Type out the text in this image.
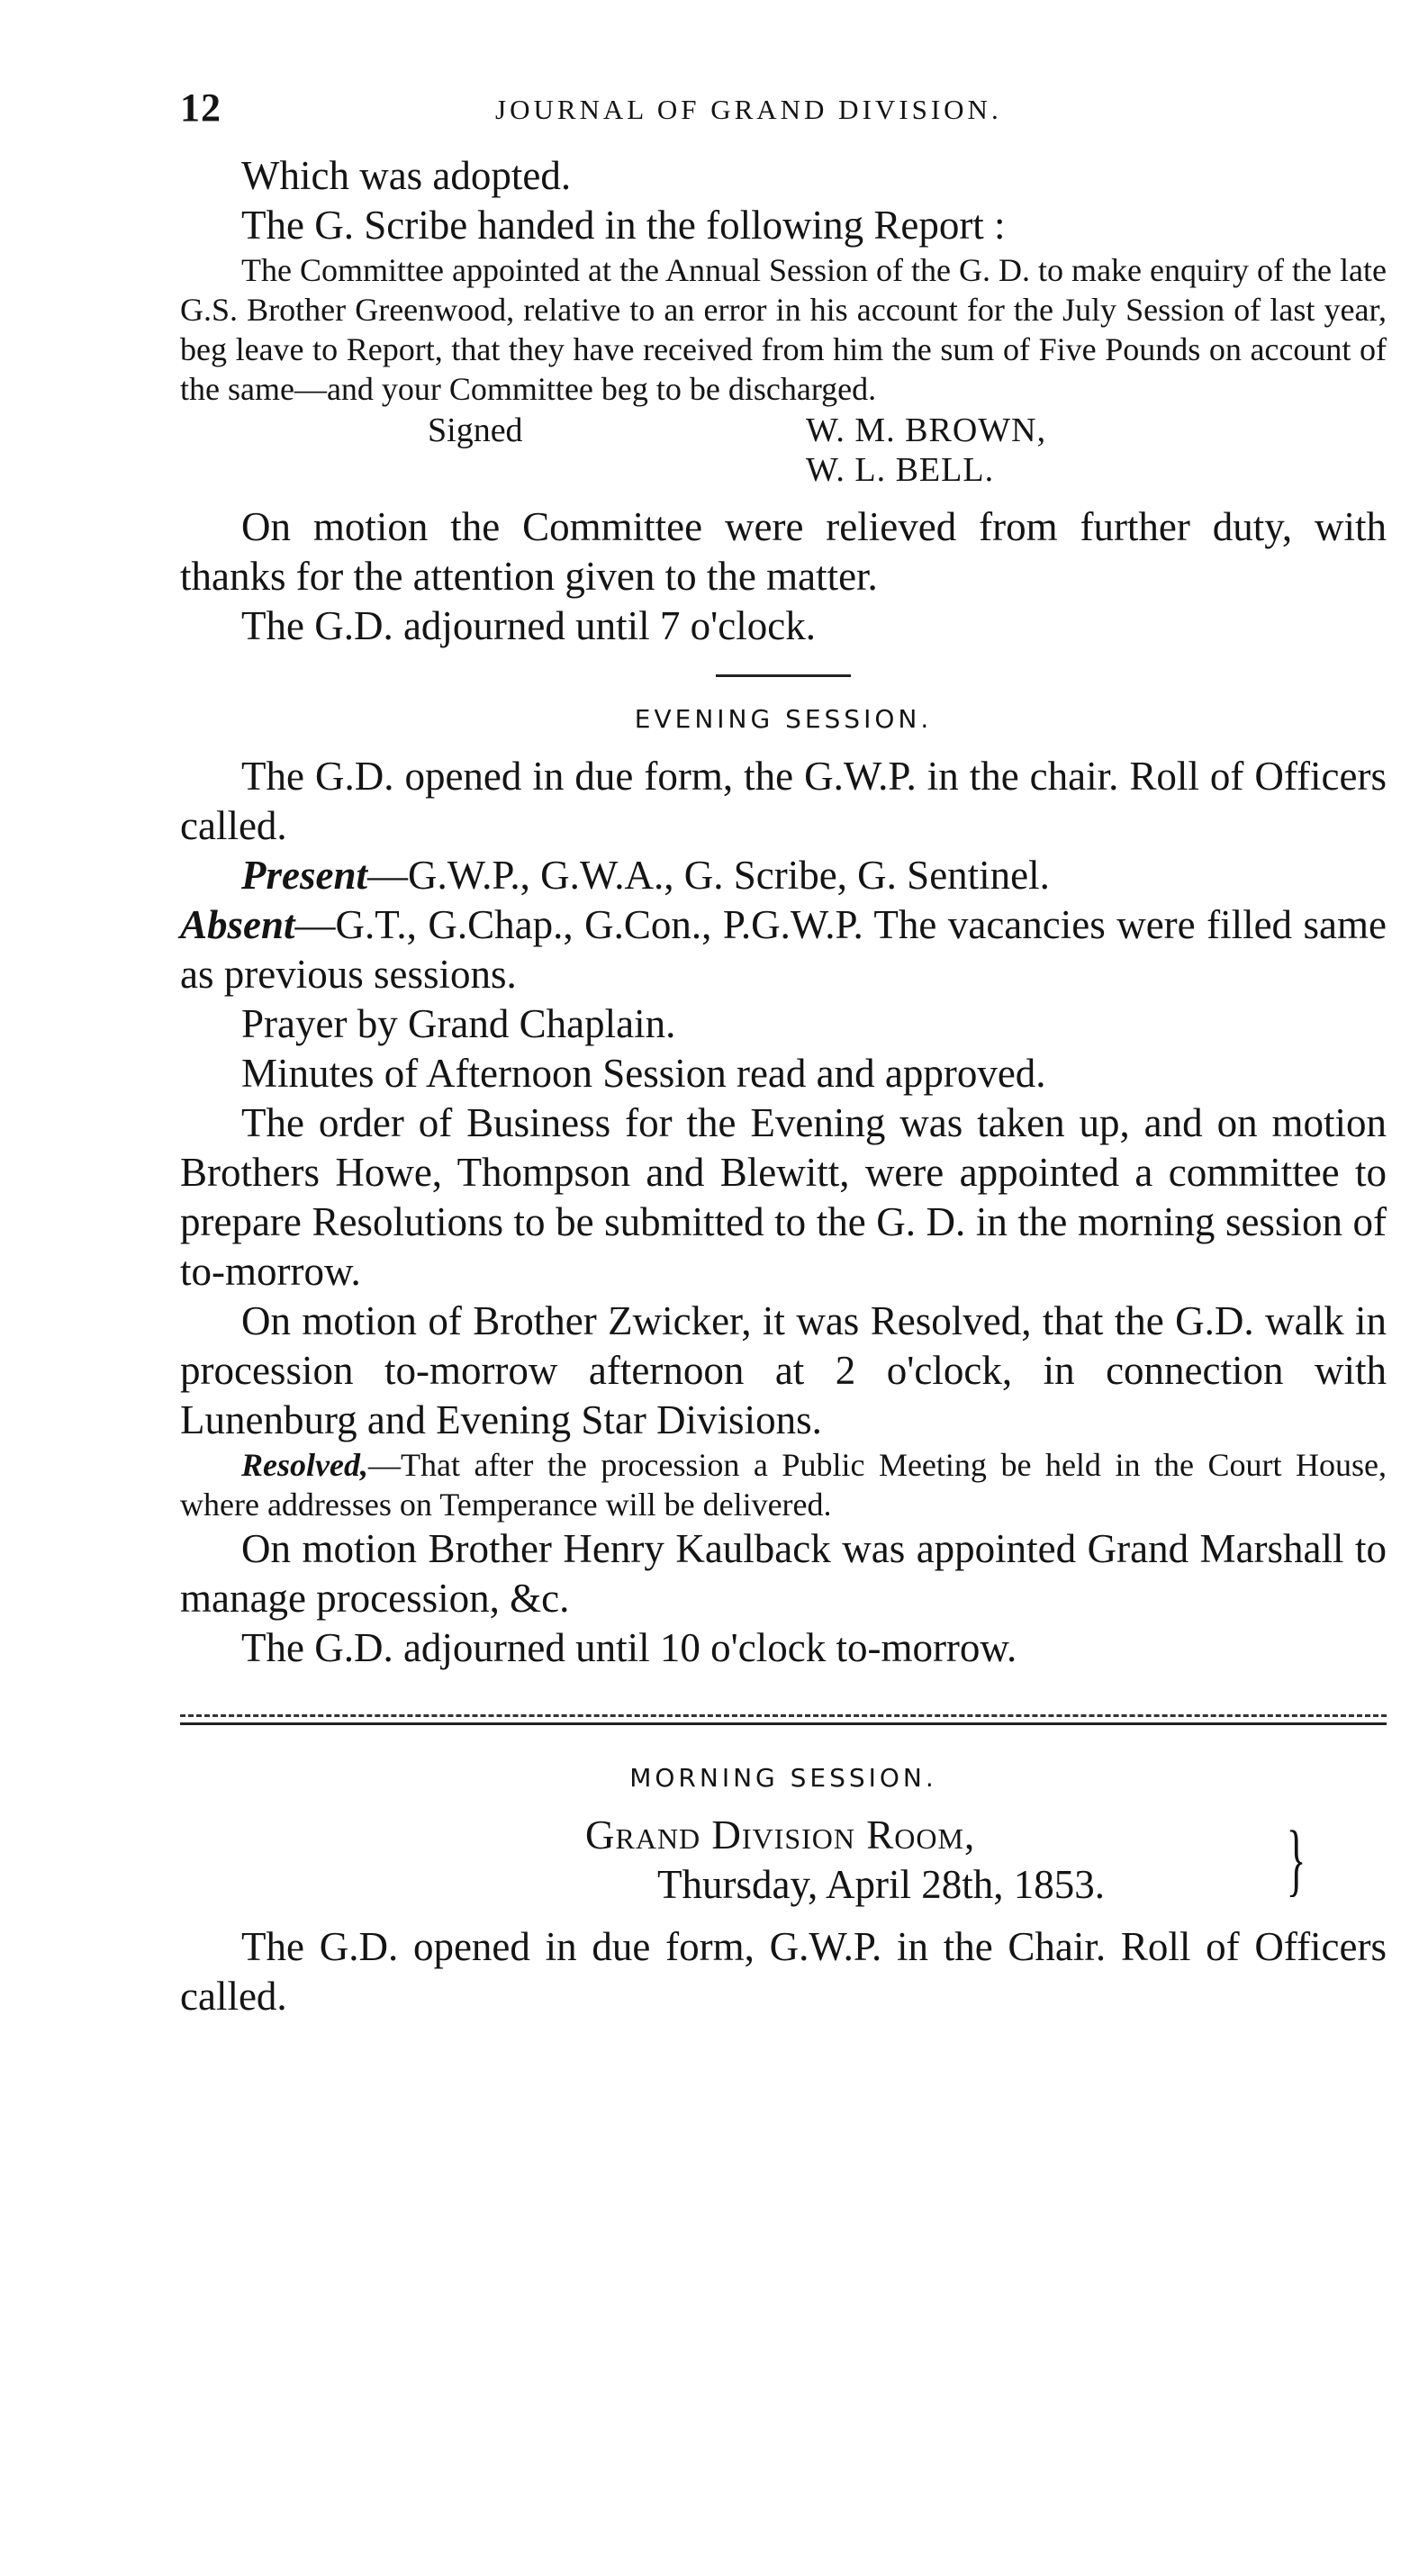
12	JOURNAL OF GRAND DIVISION.

Which was adopted.

The G. Scribe handed in the following Report :

The Committee appointed at the Annual Session of the G. D. to make enquiry of the late G.S. Brother Greenwood, relative to an error in his account for the July Session of last year, beg leave to Report, that they have received from him the sum of Five Pounds on account of the same—and your Committee beg to be discharged.

Signed	W. M. BROWN,
W. L. BELL.

On motion the Committee were relieved from further duty, with thanks for the attention given to the matter.

The G.D. adjourned until 7 o'clock.

EVENING SESSION.

The G.D. opened in due form, the G.W.P. in the chair. Roll of Officers called.

Present—G.W.P., G.W.A., G. Scribe, G. Sentinel.

Absent—G.T., G.Chap., G.Con., P.G.W.P. The vacancies were filled same as previous sessions.

Prayer by Grand Chaplain.

Minutes of Afternoon Session read and approved.

The order of Business for the Evening was taken up, and on motion Brothers Howe, Thompson and Blewitt, were appointed a committee to prepare Resolutions to be submitted to the G. D. in the morning session of to-morrow.

On motion of Brother Zwicker, it was Resolved, that the G.D. walk in procession to-morrow afternoon at 2 o'clock, in connection with Lunenburg and Evening Star Divisions.

Resolved,—That after the procession a Public Meeting be held in the Court House, where addresses on Temperance will be delivered.

On motion Brother Henry Kaulback was appointed Grand Marshall to manage procession, &c.

The G.D. adjourned until 10 o'clock to-morrow.

MORNING SESSION.
Grand Division Room,
Thursday, April 28th, 1853. }

The G.D. opened in due form, G.W.P. in the Chair. Roll of Officers called.
